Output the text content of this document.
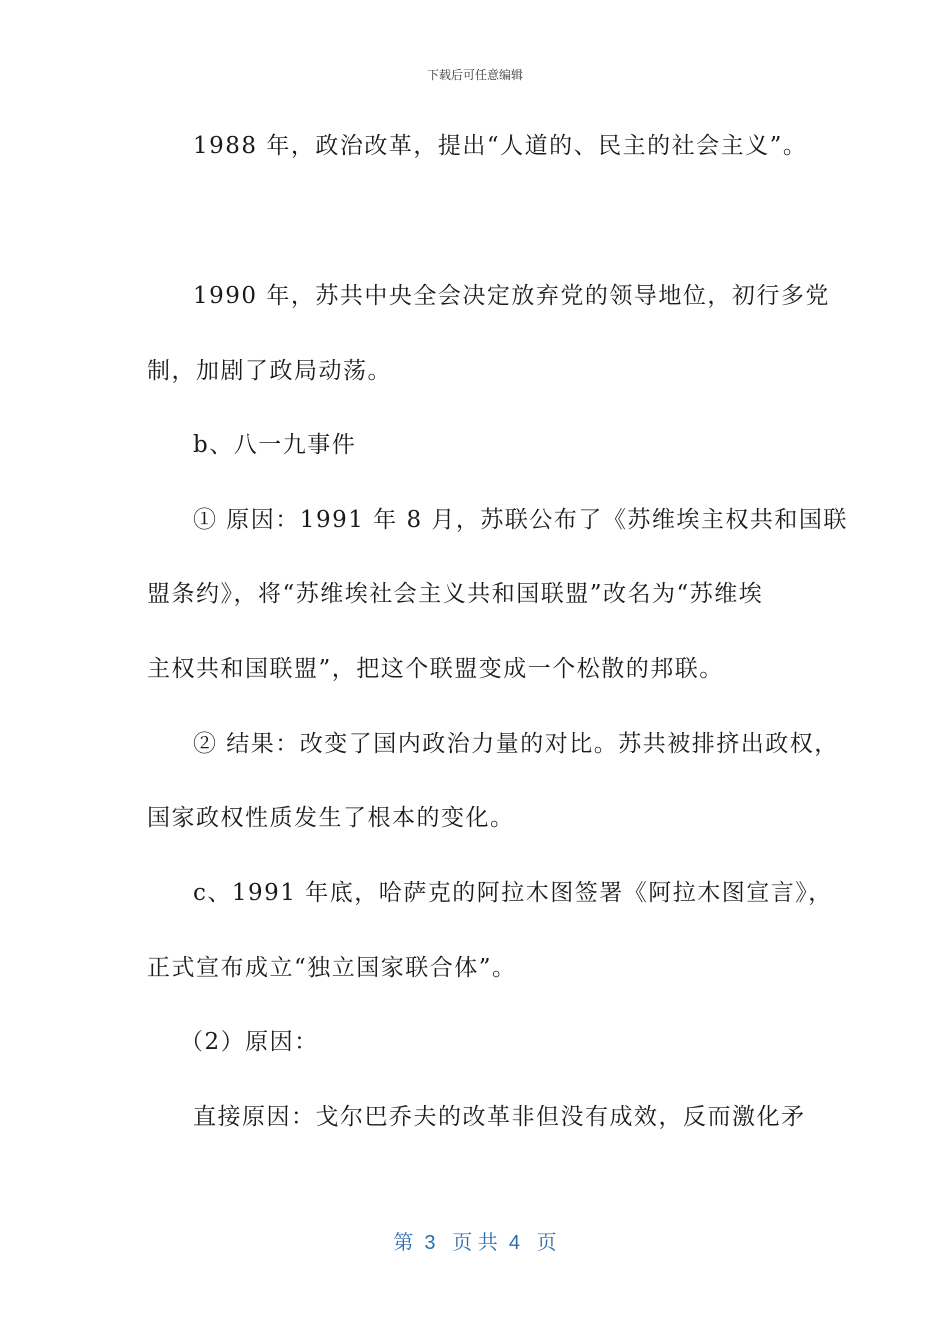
下载后可任意编辑
1988 年，政治改革，提出“人道的、民主的社会主义”。
1990 年，苏共中央全会决定放弃党的领导地位，初行多党
制，加剧了政局动荡。
b、八一九事件
① 原因：1991 年 8 月，苏联公布了《苏维埃主权共和国联
盟条约》，将“苏维埃社会主义共和国联盟”改名为“苏维埃
主权共和国联盟”，把这个联盟变成一个松散的邦联。
② 结果：改变了国内政治力量的对比。苏共被排挤出政权，
国家政权性质发生了根本的变化。
c、1991 年底，哈萨克的阿拉木图签署《阿拉木图宣言》，
正式宣布成立“独立国家联合体”。
（2）原因：
直接原因：戈尔巴乔夫的改革非但没有成效，反而激化矛
第  3   页 共  4   页
